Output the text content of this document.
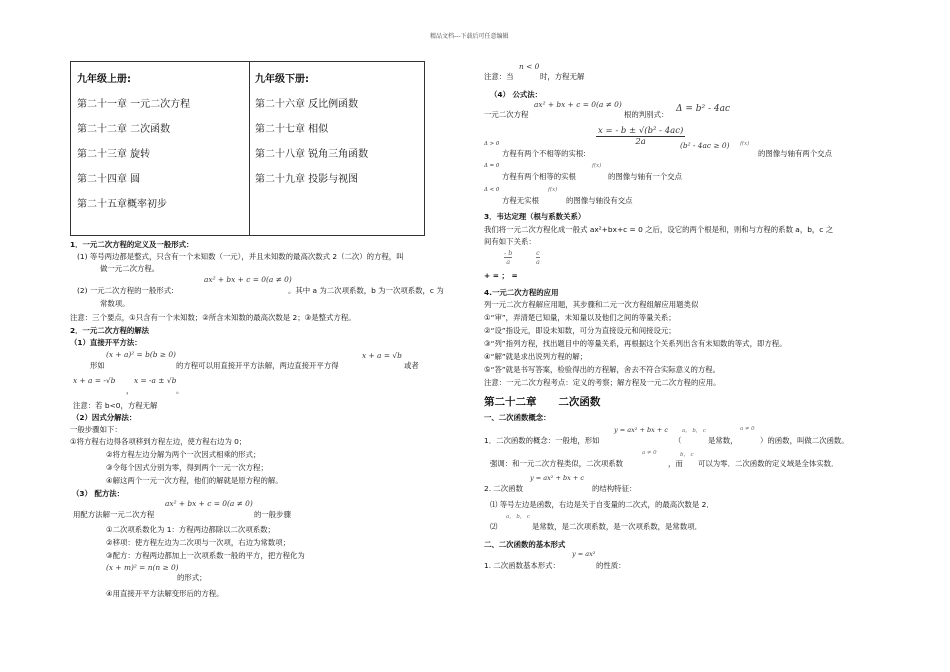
精品文档---下载后可任意编辑
九年级上册:
第二十一章 一元二次方程
第二十二章 二次函数
第二十三章 旋转
第二十四章 圆
第二十五章概率初步
九年级下册:
第二十六章 反比例函数
第二十七章 相似
第二十八章 锐角三角函数
第二十九章 投影与视图
1．一元二次方程的定义及一般形式：
(1) 等号两边都是整式，只含有一个未知数（一元），并且未知数的最高次数式 2（二次）的方程，叫
做一元二次方程。
(2) 一元二次方程的一般形式:
ax² + bx + c = 0(a ≠ 0)
。其中 a 为二次项系数，b 为一次项系数，c 为
常数项。
注意：三个要点，①只含有一个未知数；②所含未知数的最高次数是 2；③是整式方程。
2．一元二次方程的解法
（1）直接开平方法：
形如
(x + a)² = b(b ≥ 0)
的方程可以用直接开平方法解，两边直接开平方得
x + a = √b
或者
x + a = -√b
，
x = -a ± √b
。
注意：若 b<0，方程无解
（2）因式分解法：
一般步骤如下：
①将方程右边得各项移到方程左边，使方程右边为 0；
②将方程左边分解为两个一次因式相乘的形式；
③令每个因式分别为零，得到两个一元一次方程；
④解这两个一元一次方程，他们的解就是原方程的解。
（3） 配方法：
用配方法解一元二次方程
ax² + bx + c = 0(a ≠ 0)
的一般步骤
①二次项系数化为 1：方程两边都除以二次项系数；
②移项：使方程左边为二次项与一次项，右边为常数项；
③配方：方程两边都加上一次项系数一般的平方，把方程化为
(x + m)² = n(n ≥ 0)
的形式；
④用直接开平方法解变形后的方程。
注意：当
n < 0
时，方程无解
（4） 公式法：
一元二次方程
ax² + bx + c = 0(a ≠ 0)
根的判别式：
Δ = b² - 4ac
Δ > 0
方程有两个不相等的实根:
$\frac{\text{x = - b ± √(b² - 4ac)}}{2a}$
(b² - 4ac ≥ 0) f(x)
的图像与轴有两个交点
Δ = 0
方程有两个相等的实根
f(x)
的图像与轴有一个交点
Δ < 0
方程无实根
f(x)
的图像与轴没有交点
3．韦达定理（根与系数关系）
我们将一元二次方程化成一般式 ax²+bx+c = 0 之后，设它的两个根是和，则和与方程的系数 a，b，c 之
间有如下关系：
$\frac{- b}{a}$	$\frac{c}{a}$
+ = ； =
4.一元二次方程的应用
列一元二次方程解应用题，其步骤和二元一次方程组解应用题类似
①“审”，弄清楚已知量，未知量以及他们之间的等量关系；
②“设”指设元，即设未知数，可分为直接设元和间接设元；
③“列”指列方程，找出题目中的等量关系，再根据这个关系列出含有未知数的等式，即方程。
④“解”就是求出说列方程的解；
⑤“答”就是书写答案，检验得出的方程解，舍去不符合实际意义的方程。
注意：一元二次方程考点：定义的考察；解方程及一元二次方程的应用。
第二十二章      二次函数
一、二次函数概念：
1．二次函数的概念：一般地，形如
y = ax² + bx + c
（
a， b， c
是常数，
a ≠ 0
）的函数，叫做二次函数。
强调：和一元二次方程类似，二次项系数
a ≠ 0
，而
b， c
可以为零．二次函数的定义域是全体实数．
2. 二次函数
y = ax² + bx + c
的结构特征：
⑴ 等号左边是函数，右边是关于自变量的二次式，的最高次数是 2．
a， b， c
⑵	是常数，是二次项系数，是一次项系数，是常数项．
二、二次函数的基本形式
1. 二次函数基本形式：
y = ax²
的性质：
